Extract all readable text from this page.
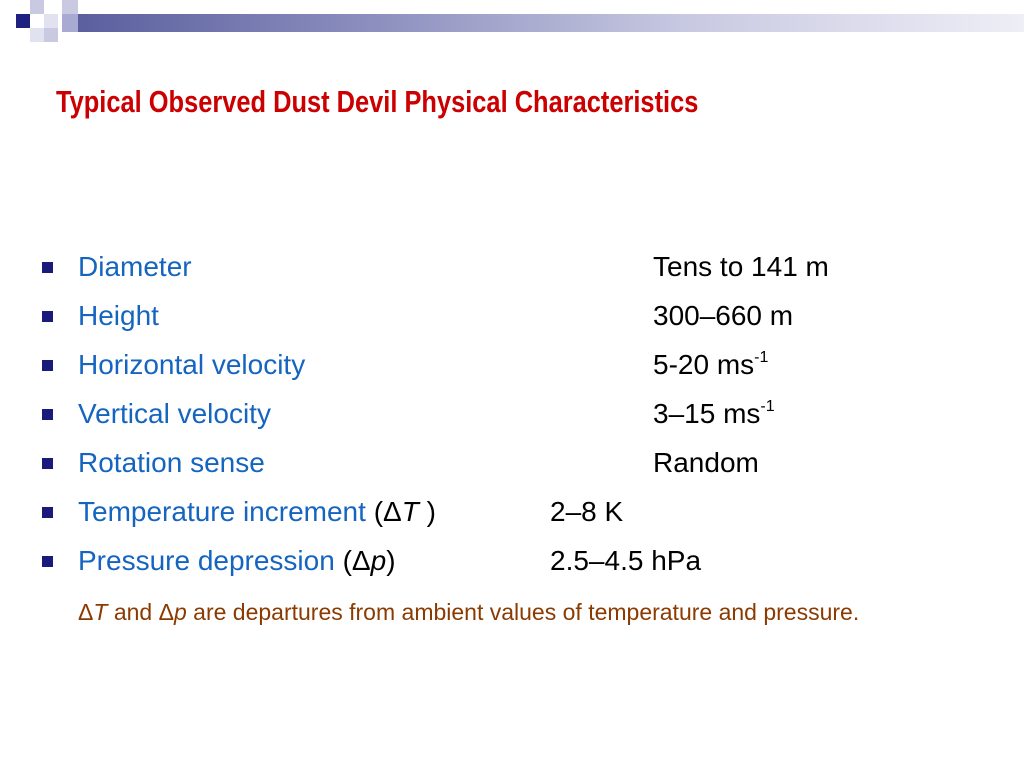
Typical Observed Dust Devil Physical Characteristics
Diameter	Tens to 141 m
Height	300–660 m
Horizontal velocity	5-20 $ms^{-1}$
Vertical velocity	3–15 $ms^{-1}$
Rotation sense	Random
Temperature increment (ΔT )	2–8 K
Pressure depression (Δp)	2.5–4.5 hPa
ΔT and Δp are departures from ambient values of temperature and pressure.
